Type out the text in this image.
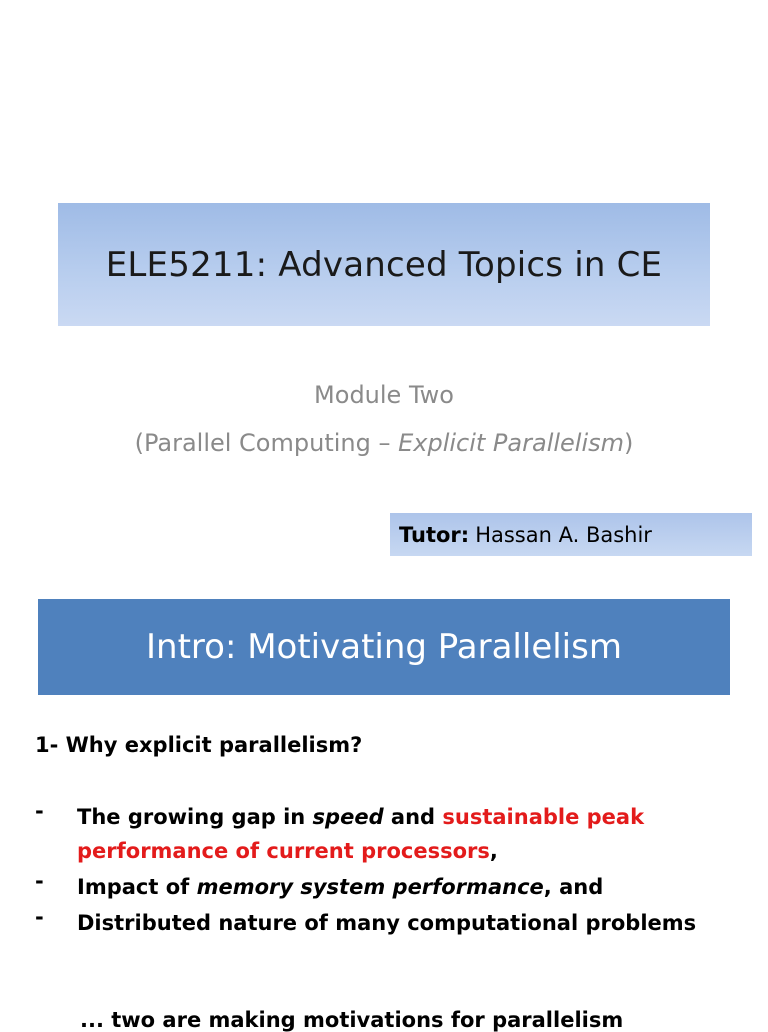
ELE5211: Advanced Topics in CE
Module Two
(Parallel Computing – Explicit Parallelism)
Tutor: Hassan A. Bashir
Intro: Motivating Parallelism
1- Why explicit parallelism?
-	The growing gap in speed and sustainable peak performance of current processors,
-	Impact of memory system performance, and
-	Distributed nature of many computational problems
... two are making motivations for parallelism
